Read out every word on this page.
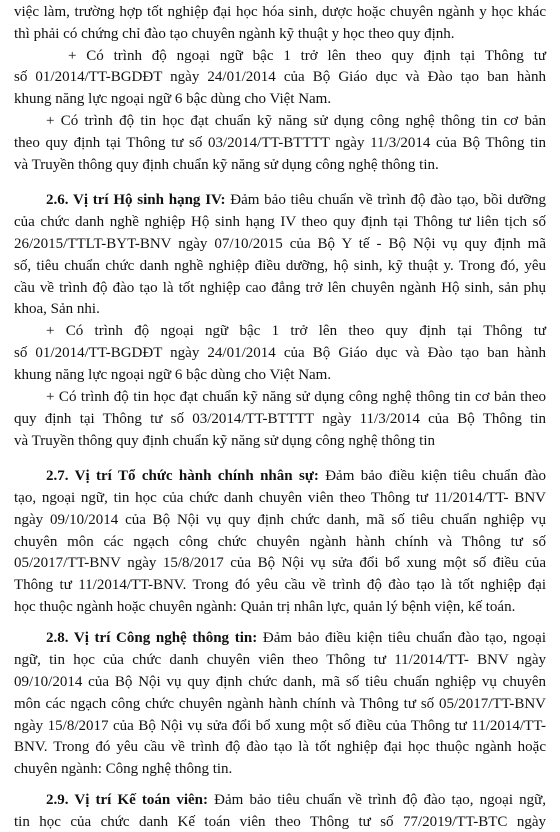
việc làm, trường hợp tốt nghiệp đại học hóa sinh, dược hoặc chuyên ngành y học khác
thì phải có chứng chỉ đào tạo chuyên ngành kỹ thuật y học theo quy định.
+ Có trình độ ngoại ngữ bậc 1 trở lên theo quy định tại Thông tư
số 01/2014/TT-BGDĐT ngày 24/01/2014 của Bộ Giáo dục và Đào tạo ban hành
khung năng lực ngoại ngữ 6 bậc dùng cho Việt Nam.
+ Có trình độ tin học đạt chuẩn kỹ năng sử dụng công nghệ thông tin cơ bản
theo quy định tại Thông tư số 03/2014/TT-BTTTT ngày 11/3/2014 của Bộ Thông tin
và Truyền thông quy định chuẩn kỹ năng sử dụng công nghệ thông tin.
2.6. Vị trí Hộ sinh hạng IV: Đảm bảo tiêu chuẩn về trình độ đào tạo, bồi dưỡng
của chức danh nghề nghiệp Hộ sinh hạng IV theo quy định tại Thông tư liên tịch số
26/2015/TTLT-BYT-BNV ngày 07/10/2015 của Bộ Y tế - Bộ Nội vụ quy định mã
số, tiêu chuẩn chức danh nghề nghiệp điều dưỡng, hộ sinh, kỹ thuật y. Trong đó, yêu
cầu về trình độ đào tạo là tốt nghiệp cao đẳng trở lên chuyên ngành Hộ sinh, sản phụ
khoa, Sản nhi.
+ Có trình độ ngoại ngữ bậc 1 trở lên theo quy định tại Thông tư
số 01/2014/TT-BGDĐT ngày 24/01/2014 của Bộ Giáo dục và Đào tạo ban hành
khung năng lực ngoại ngữ 6 bậc dùng cho Việt Nam.
+ Có trình độ tin học đạt chuẩn kỹ năng sử dụng công nghệ thông tin cơ bản theo
quy định tại Thông tư số 03/2014/TT-BTTTT ngày 11/3/2014 của Bộ Thông tin
và Truyền thông quy định chuẩn kỹ năng sử dụng công nghệ thông tin
2.7. Vị trí Tổ chức hành chính nhân sự: Đảm bảo điều kiện tiêu chuẩn đào
tạo, ngoại ngữ, tin học của chức danh chuyên viên theo Thông tư 11/2014/TT- BNV
ngày 09/10/2014 của Bộ Nội vụ quy định chức danh, mã số tiêu chuẩn nghiệp vụ
chuyên môn các ngạch công chức chuyên ngành hành chính và Thông tư số
05/2017/TT-BNV ngày 15/8/2017 của Bộ Nội vụ sửa đổi bổ xung một số điều của
Thông tư 11/2014/TT-BNV. Trong đó yêu cầu về trình độ đào tạo là tốt nghiệp đại
học thuộc ngành hoặc chuyên ngành: Quản trị nhân lực, quản lý bệnh viện, kế toán.
2.8. Vị trí Công nghệ thông tin: Đảm bảo điều kiện tiêu chuẩn đào tạo, ngoại
ngữ, tin học của chức danh chuyên viên theo Thông tư 11/2014/TT- BNV ngày
09/10/2014 của Bộ Nội vụ quy định chức danh, mã số tiêu chuẩn nghiệp vụ chuyên
môn các ngạch công chức chuyên ngành hành chính và Thông tư số 05/2017/TT-BNV
ngày 15/8/2017 của Bộ Nội vụ sửa đổi bổ xung một số điều của Thông tư 11/2014/TT-
BNV. Trong đó yêu cầu về trình độ đào tạo là tốt nghiệp đại học thuộc ngành hoặc
chuyên ngành: Công nghệ thông tin.
2.9. Vị trí Kế toán viên: Đảm bảo tiêu chuẩn về trình độ đào tạo, ngoại ngữ,
tin học của chức danh Kế toán viên theo Thông tư số 77/2019/TT-BTC ngày
